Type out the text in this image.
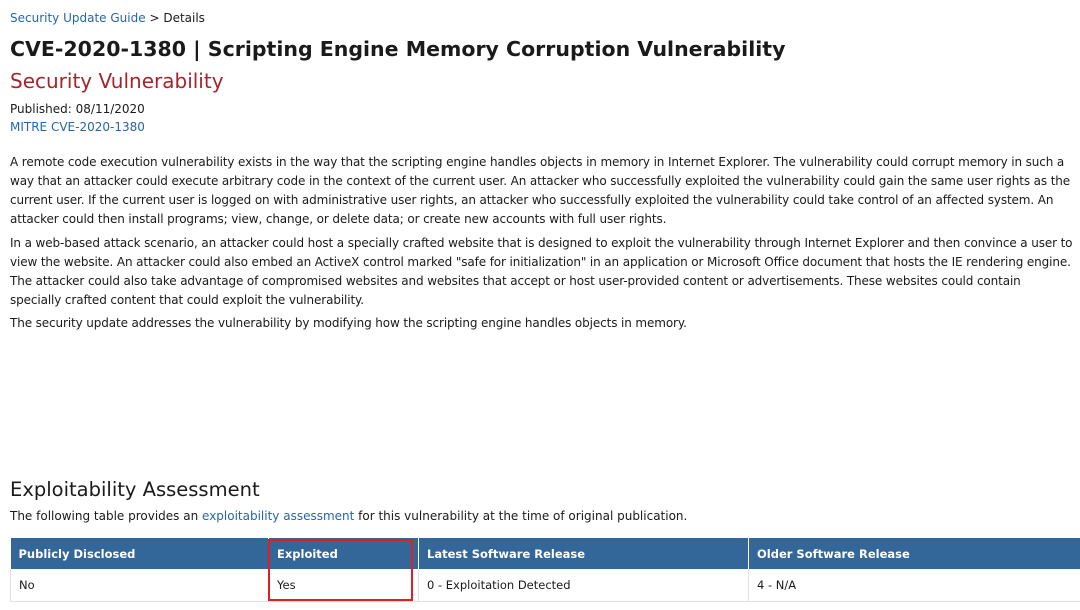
Security Update Guide > Details
CVE-2020-1380 | Scripting Engine Memory Corruption Vulnerability
Security Vulnerability
Published: 08/11/2020
MITRE CVE-2020-1380

A remote code execution vulnerability exists in the way that the scripting engine handles objects in memory in Internet Explorer. The vulnerability could corrupt memory in such a way that an attacker could execute arbitrary code in the context of the current user. An attacker who successfully exploited the vulnerability could gain the same user rights as the current user. If the current user is logged on with administrative user rights, an attacker who successfully exploited the vulnerability could take control of an affected system. An attacker could then install programs; view, change, or delete data; or create new accounts with full user rights.

In a web-based attack scenario, an attacker could host a specially crafted website that is designed to exploit the vulnerability through Internet Explorer and then convince a user to view the website. An attacker could also embed an ActiveX control marked "safe for initialization" in an application or Microsoft Office document that hosts the IE rendering engine. The attacker could also take advantage of compromised websites and websites that accept or host user-provided content or advertisements. These websites could contain specially crafted content that could exploit the vulnerability.

The security update addresses the vulnerability by modifying how the scripting engine handles objects in memory.

Exploitability Assessment
The following table provides an exploitability assessment for this vulnerability at the time of original publication.
Publicly Disclosed	Exploited	Latest Software Release	Older Software Release
No	Yes	0 - Exploitation Detected	4 - N/A
